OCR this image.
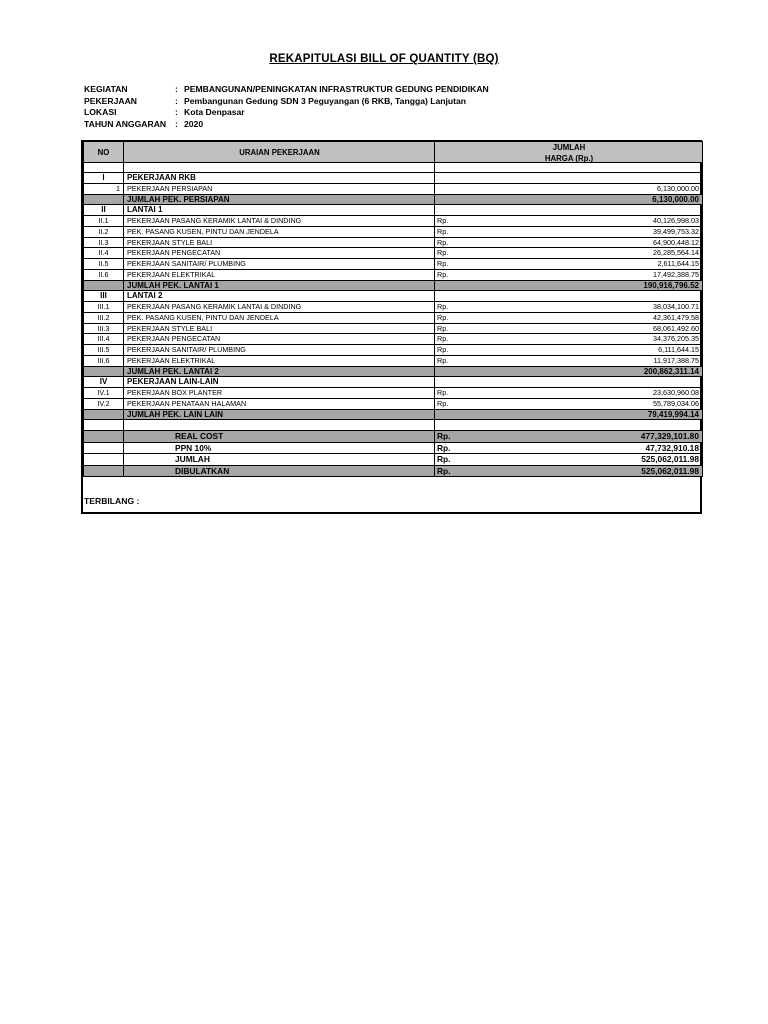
REKAPITULASI BILL OF QUANTITY (BQ)
KEGIATAN	: PEMBANGUNAN/PENINGKATAN INFRASTRUKTUR GEDUNG PENDIDIKAN
PEKERJAAN	: Pembangunan Gedung SDN 3 Peguyangan (6 RKB, Tangga) Lanjutan
LOKASI	: Kota Denpasar
TAHUN ANGGARAN : 2020
NO	URAIAN PEKERJAAN
JUMLAH
HARGA (Rp.)
I	PEKERJAAN RKB
1 PEKERJAAN PERSIAPAN	6,130,000.00
JUMLAH PEK. PERSIAPAN	6,130,000.00
II	LANTAI 1
II.1	PEKERJAAN PASANG KERAMIK LANTAI & DINDING	Rp.	40,126,998.03
II.2	PEK. PASANG KUSEN, PINTU DAN JENDELA	Rp.	39,499,753.32
II.3	PEKERJAAN STYLE BALI	Rp.	64,900,448.12
II.4	PEKERJAAN PENGECATAN	Rp.	26,285,564.14
II.5	PEKERJAAN SANITAIR/ PLUMBING	Rp.	2,611,644.15
II.6	PEKERJAAN ELEKTRIKAL	Rp.	17,492,388.75
JUMLAH PEK. LANTAI 1	190,916,796.52
III	LANTAI 2
III.1	PEKERJAAN PASANG KERAMIK LANTAI & DINDING	Rp.	38,034,100.71
III.2	PEK. PASANG KUSEN, PINTU DAN JENDELA	Rp.	42,361,479.58
III.3	PEKERJAAN STYLE BALI	Rp.	68,061,492.60
III.4	PEKERJAAN PENGECATAN	Rp.	34,376,205.35
III.5	PEKERJAAN SANITAIR/ PLUMBING	Rp.	6,111,644.15
III.6	PEKERJAAN ELEKTRIKAL	Rp.	11,917,388.75
JUMLAH PEK. LANTAI 2	200,862,311.14
IV	PEKERJAAN LAIN-LAIN
IV.1	PEKERJAAN BOX PLANTER	Rp.	23,630,960.08
IV.2	PEKERJAAN PENATAAN HALAMAN	Rp.	55,789,034.06
JUMLAH PEK. LAIN LAIN	79,419,994.14
REAL COST	Rp.	477,329,101.80
PPN 10%	Rp.	47,732,910.18
JUMLAH	Rp.	525,062,011.98
DIBULATKAN	Rp.	525,062,011.98
TERBILANG :
